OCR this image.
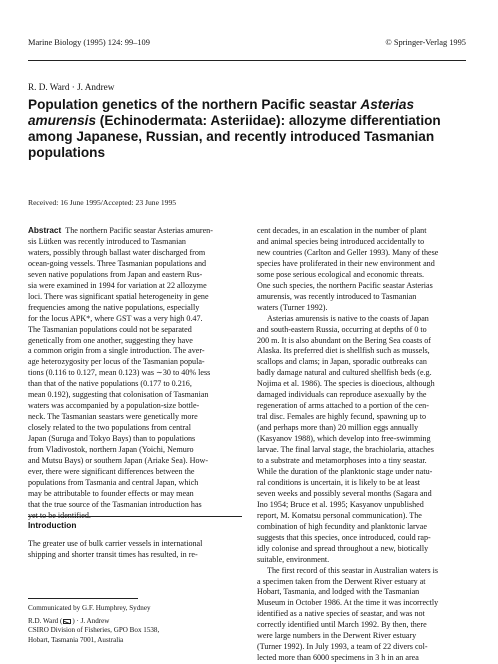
Marine Biology (1995) 124: 99–109	© Springer-Verlag 1995
R. D. Ward · J. Andrew
Population genetics of the northern Pacific seastar Asterias amurensis (Echinodermata: Asteriidae): allozyme differentiation among Japanese, Russian, and recently introduced Tasmanian populations
Received: 16 June 1995/Accepted: 23 June 1995
Abstract The northern Pacific seastar Asterias amuren-
sis Lütken was recently introduced to Tasmanian
waters, possibly through ballast water discharged from
ocean-going vessels. Three Tasmanian populations and
seven native populations from Japan and eastern Rus-
sia were examined in 1994 for variation at 22 allozyme
loci. There was significant spatial heterogeneity in gene
frequencies among the native populations, especially
for the locus APK*, where GST was a very high 0.47.
The Tasmanian populations could not be separated
genetically from one another, suggesting they have
a common origin from a single introduction. The aver-
age heterozygosity per locus of the Tasmanian popula-
tions (0.116 to 0.127, mean 0.123) was ∼30 to 40% less
than that of the native populations (0.177 to 0.216,
mean 0.192), suggesting that colonisation of Tasmanian
waters was accompanied by a population-size bottle-
neck. The Tasmanian seastars were genetically more
closely related to the two populations from central
Japan (Suruga and Tokyo Bays) than to populations
from Vladivostok, northern Japan (Yoichi, Nemuro
and Mutsu Bays) or southern Japan (Ariake Sea). How-
ever, there were significant differences between the
populations from Tasmania and central Japan, which
may be attributable to founder effects or may mean
that the true source of the Tasmanian introduction has
yet to be identified.
Introduction
The greater use of bulk carrier vessels in international
shipping and shorter transit times has resulted, in re-
Communicated by G.F. Humphrey, Sydney
R.D. Ward ( ) · J. Andrew
CSIRO Division of Fisheries, GPO Box 1538,
Hobart, Tasmania 7001, Australia
cent decades, in an escalation in the number of plant
and animal species being introduced accidentally to
new countries (Carlton and Geller 1993). Many of these
species have proliferated in their new environment and
some pose serious ecological and economic threats.
One such species, the northern Pacific seastar Asterias
amurensis, was recently introduced to Tasmanian
waters (Turner 1992).
Asterias amurensis is native to the coasts of Japan
and south-eastern Russia, occurring at depths of 0 to
200 m. It is also abundant on the Bering Sea coasts of
Alaska. Its preferred diet is shellfish such as mussels,
scallops and clams; in Japan, sporadic outbreaks can
badly damage natural and cultured shellfish beds (e.g.
Nojima et al. 1986). The species is dioecious, although
damaged individuals can reproduce asexually by the
regeneration of arms attached to a portion of the cen-
tral disc. Females are highly fecund, spawning up to
(and perhaps more than) 20 million eggs annually
(Kasyanov 1988), which develop into free-swimming
larvae. The final larval stage, the brachiolaria, attaches
to a substrate and metamorphoses into a tiny seastar.
While the duration of the planktonic stage under natu-
ral conditions is uncertain, it is likely to be at least
seven weeks and possibly several months (Sagara and
Ino 1954; Bruce et al. 1995; Kasyanov unpublished
report, M. Komatsu personal communication). The
combination of high fecundity and planktonic larvae
suggests that this species, once introduced, could rap-
idly colonise and spread throughout a new, biotically
suitable, environment.
The first record of this seastar in Australian waters is
a specimen taken from the Derwent River estuary at
Hobart, Tasmania, and lodged with the Tasmanian
Museum in October 1986. At the time it was incorrectly
identified as a native species of seastar, and was not
correctly identified until March 1992. By then, there
were large numbers in the Derwent River estuary
(Turner 1992). In July 1993, a team of 22 divers col-
lected more than 6000 specimens in 3 h in an area
